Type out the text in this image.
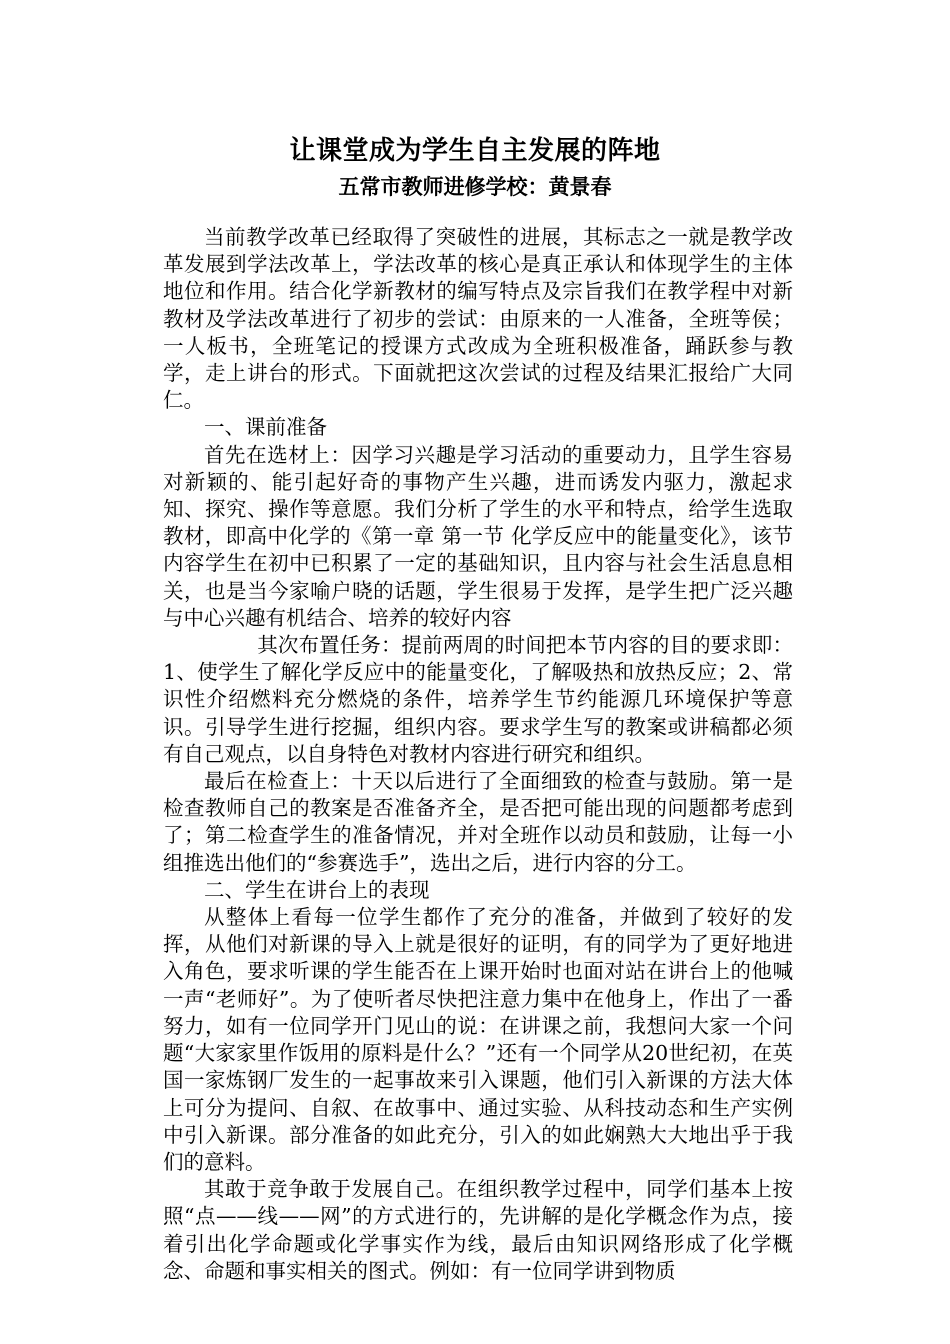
让课堂成为学生自主发展的阵地
五常市教师进修学校：黄景春

当前教学改革已经取得了突破性的进展，其标志之一就是教学改革发展到学法改革上，学法改革的核心是真正承认和体现学生的主体地位和作用。结合化学新教材的编写特点及宗旨我们在教学程中对新教材及学法改革进行了初步的尝试：由原来的一人准备，全班等侯；一人板书，全班笔记的授课方式改成为全班积极准备，踊跃参与教学，走上讲台的形式。下面就把这次尝试的过程及结果汇报给广大同仁。

一、课前准备

首先在选材上：因学习兴趣是学习活动的重要动力，且学生容易对新颖的、能引起好奇的事物产生兴趣，进而诱发内驱力，激起求知、探究、操作等意愿。我们分析了学生的水平和特点，给学生选取教材，即高中化学的《第一章 第一节 化学反应中的能量变化》，该节内容学生在初中已积累了一定的基础知识，且内容与社会生活息息相关，也是当今家喻户晓的话题，学生很易于发挥，是学生把广泛兴趣与中心兴趣有机结合、培养的较好内容

其次布置任务：提前两周的时间把本节内容的目的要求即：1、使学生了解化学反应中的能量变化，了解吸热和放热反应；2、常识性介绍燃料充分燃烧的条件，培养学生节约能源几环境保护等意识。引导学生进行挖掘，组织内容。要求学生写的教案或讲稿都必须有自己观点，以自身特色对教材内容进行研究和组织。

最后在检查上：十天以后进行了全面细致的检查与鼓励。第一是检查教师自己的教案是否准备齐全，是否把可能出现的问题都考虑到了；第二检查学生的准备情况，并对全班作以动员和鼓励，让每一小组推选出他们的“参赛选手”，选出之后，进行内容的分工。

二、学生在讲台上的表现

从整体上看每一位学生都作了充分的准备，并做到了较好的发挥，从他们对新课的导入上就是很好的证明，有的同学为了更好地进入角色，要求听课的学生能否在上课开始时也面对站在讲台上的他喊一声“老师好”。为了使听者尽快把注意力集中在他身上，作出了一番努力，如有一位同学开门见山的说：在讲课之前，我想问大家一个问题“大家家里作饭用的原料是什么？”还有一个同学从20世纪初，在英国一家炼钢厂发生的一起事故来引入课题，他们引入新课的方法大体上可分为提问、自叙、在故事中、通过实验、从科技动态和生产实例中引入新课。部分准备的如此充分，引入的如此娴熟大大地出乎于我们的意料。

其敢于竞争敢于发展自己。在组织教学过程中，同学们基本上按照“点——线——网”的方式进行的，先讲解的是化学概念作为点，接着引出化学命题或化学事实作为线，最后由知识网络形成了化学概念、命题和事实相关的图式。例如：有一位同学讲到物质
